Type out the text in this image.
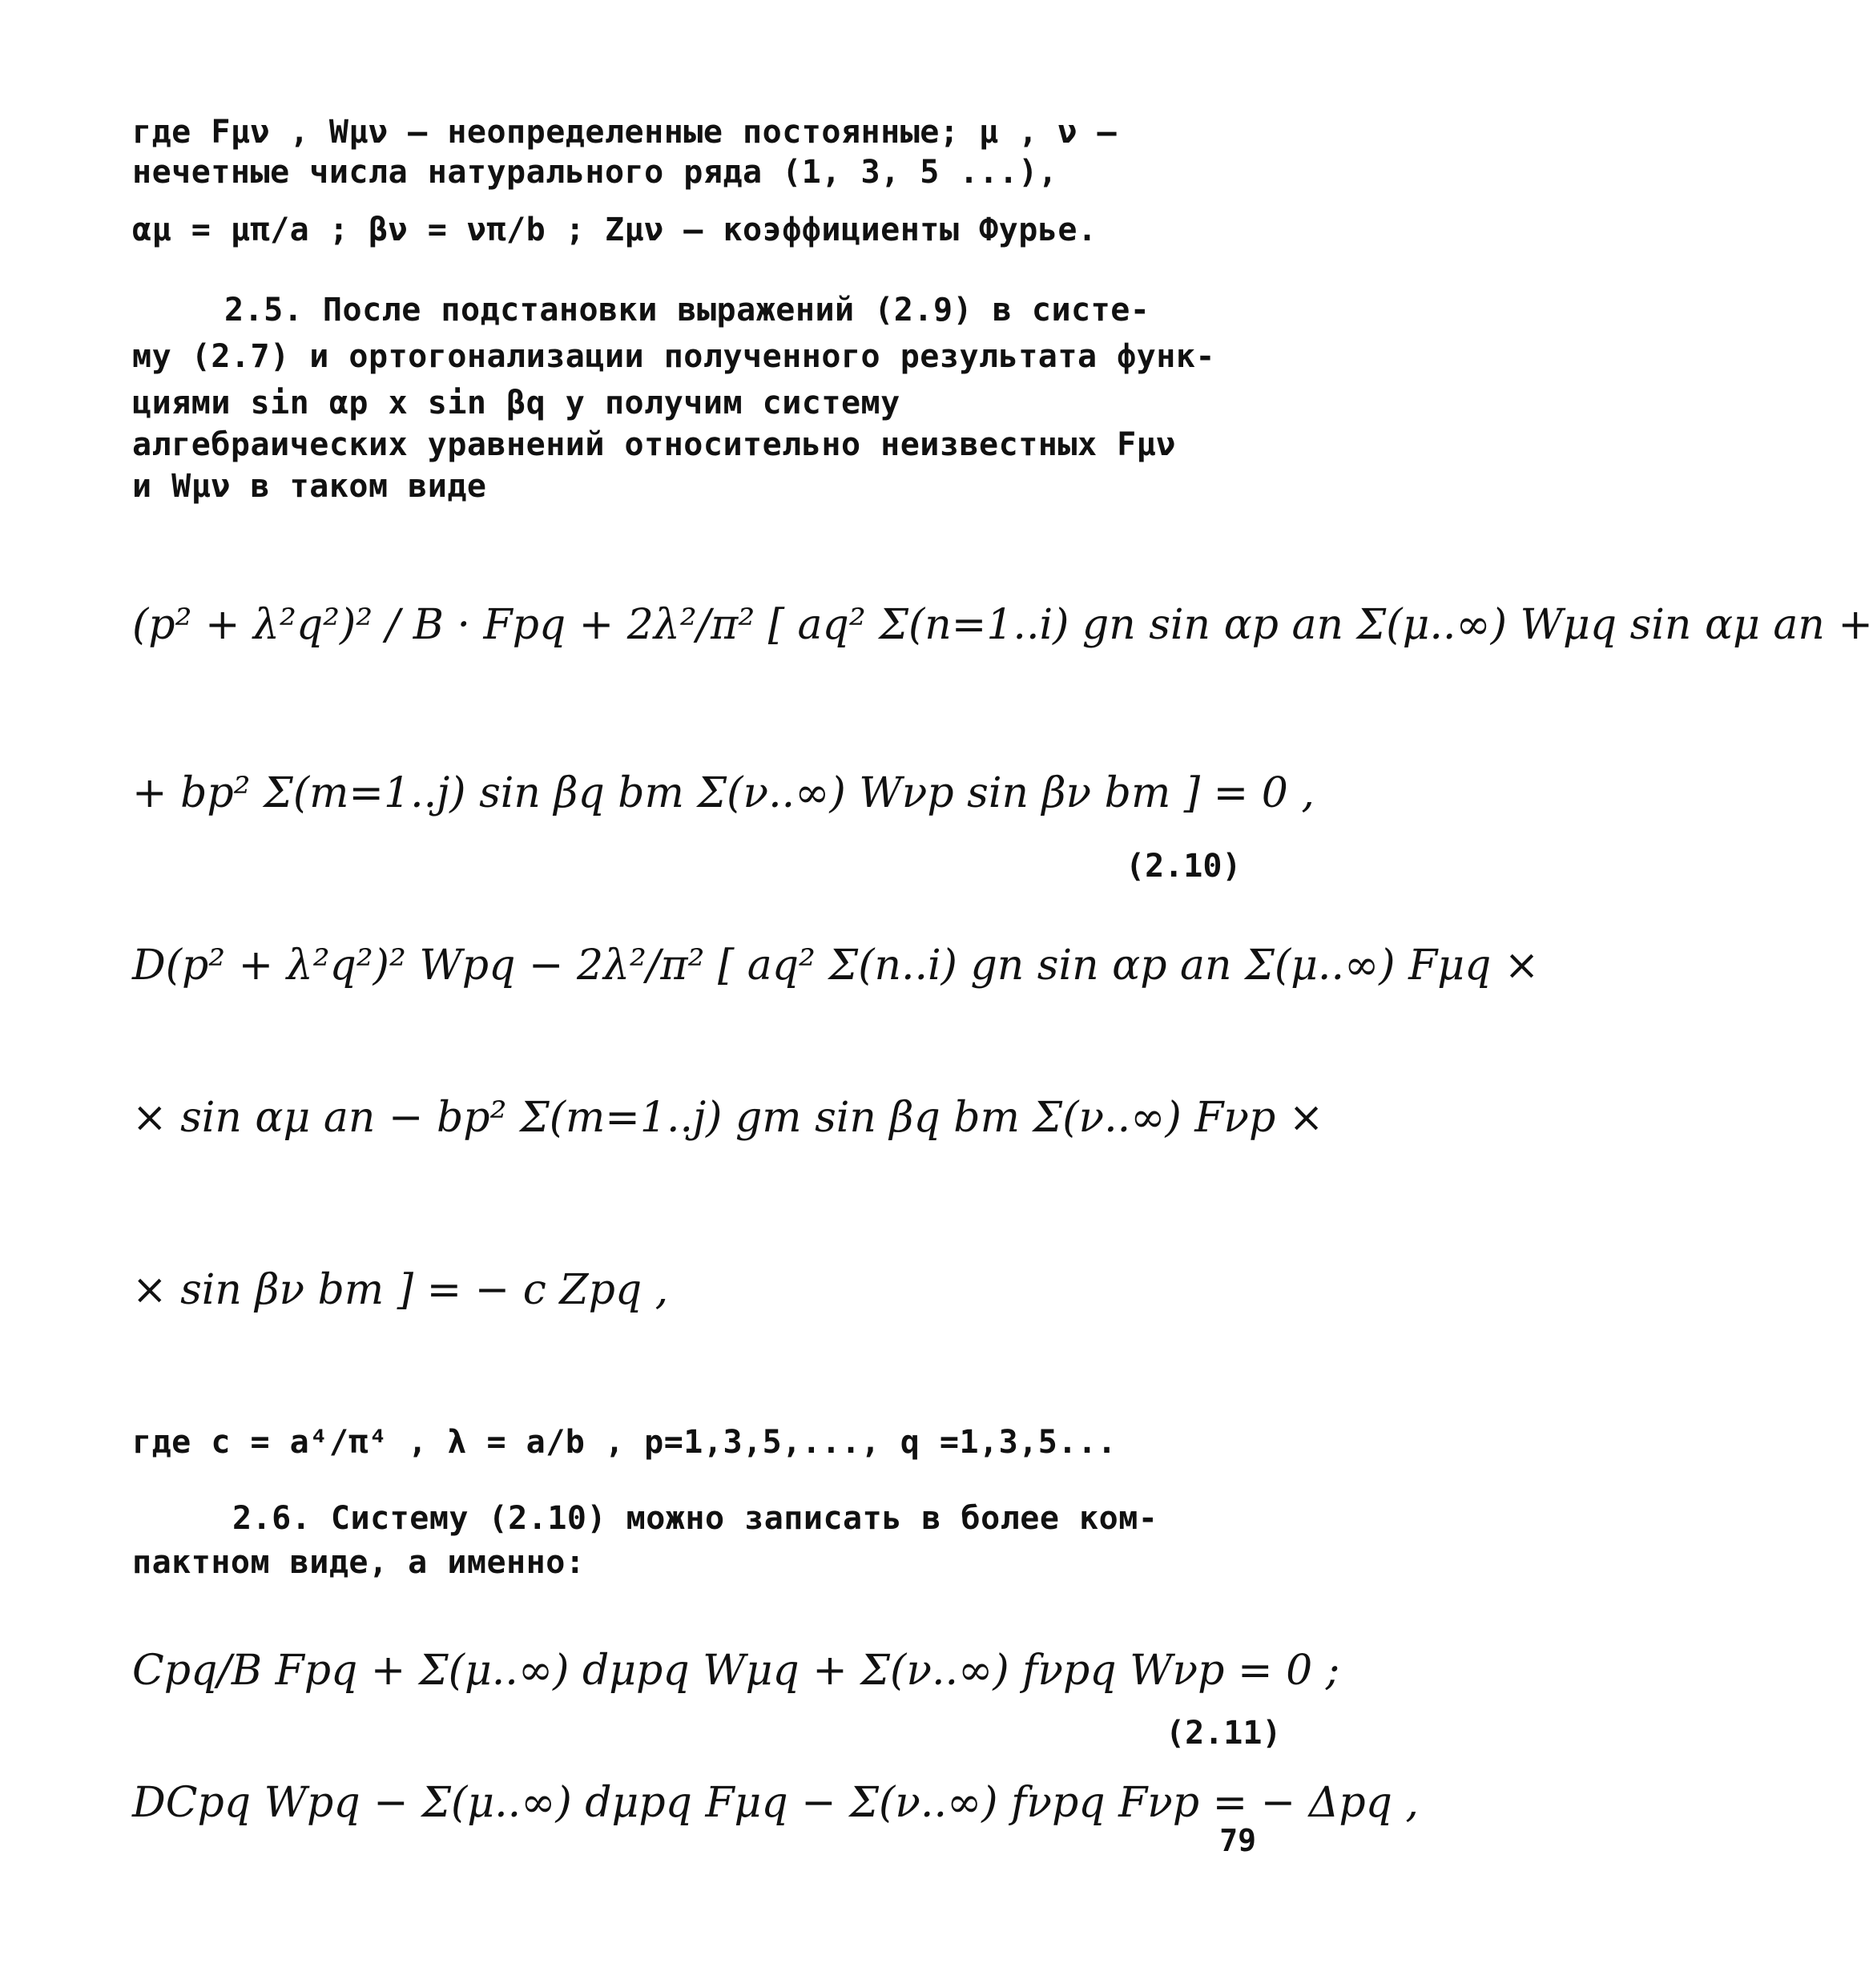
где Fμν , Wμν – неопределенные постоянные; μ , ν –
нечетные числа натурального ряда (1, 3, 5 ...),
αμ = μπ/a ; βν = νπ/b ; Zμν – коэффициенты Фурье.
2.5. После подстановки выражений (2.9) в систе-
му (2.7) и ортогонализации полученного результата функ-
циями sin αp x sin βq y получим систему
алгебраических уравнений относительно неизвестных Fμν
и Wμν в таком виде
(p² + λ²q²)² / B · Fpq + 2λ²/π² [ aq² Σ(n=1..i) gn sin αp an Σ(μ..∞) Wμq sin αμ an +
+ bp² Σ(m=1..j) sin βq bm Σ(ν..∞) Wνp sin βν bm ] = 0 ,
(2.10)
D(p² + λ²q²)² Wpq − 2λ²/π² [ aq² Σ(n..i) gn sin αp an Σ(μ..∞) Fμq ×
× sin αμ an − bp² Σ(m=1..j) gm sin βq bm Σ(ν..∞) Fνp ×
× sin βν bm ] = − c Zpq ,
где c = a⁴/π⁴ , λ = a/b , p=1,3,5,..., q =1,3,5...
2.6. Систему (2.10) можно записать в более ком-
пактном виде, а именно:
Cpq/B Fpq + Σ(μ..∞) dμpq Wμq + Σ(ν..∞) fνpq Wνp = 0 ;
(2.11)
DCpq Wpq − Σ(μ..∞) dμpq Fμq − Σ(ν..∞) fνpq Fνp = − Δpq ,
79
